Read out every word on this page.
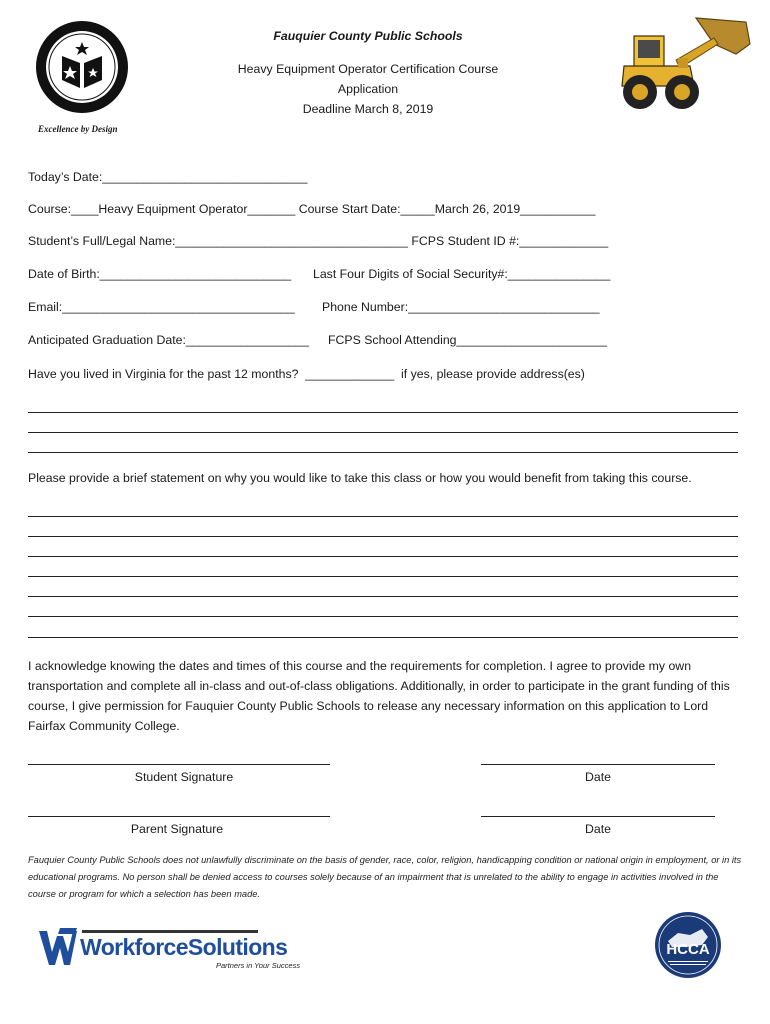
Excellence by Design
Fauquier County Public Schools
Heavy Equipment Operator Certification Course
Application
Deadline March 8, 2019
Today’s Date:______________________________
Course:____Heavy Equipment Operator_______ Course Start Date:_____March 26, 2019___________
Student’s Full/Legal Name:__________________________________ FCPS Student ID #:_____________
Date of Birth:____________________________ Last Four Digits of Social Security#:_______________
Email:__________________________________ Phone Number:____________________________
Anticipated Graduation Date:__________________ FCPS School Attending______________________
Have you lived in Virginia for the past 12 months?  _____________  if yes, please provide address(es)
Please provide a brief statement on why you would like to take this class or how you would benefit from taking this course.
I acknowledge knowing the dates and times of this course and the requirements for completion. I agree to provide my own transportation and complete all in-class and out-of-class obligations. Additionally, in order to participate in the grant funding of this course, I give permission for Fauquier County Public Schools to release any necessary information on this application to Lord Fairfax Community College.
Student Signature	Date
Parent Signature	Date
Fauquier County Public Schools does not unlawfully discriminate on the basis of gender, race, color, religion, handicapping condition or national origin in employment, or in its educational programs. No person shall be denied access to courses solely because of an impairment that is unrelated to the ability to engage in activities involved in the course or program for which a selection has been made.
WorkforceSolutions
Partners in Your Success
HCCA
